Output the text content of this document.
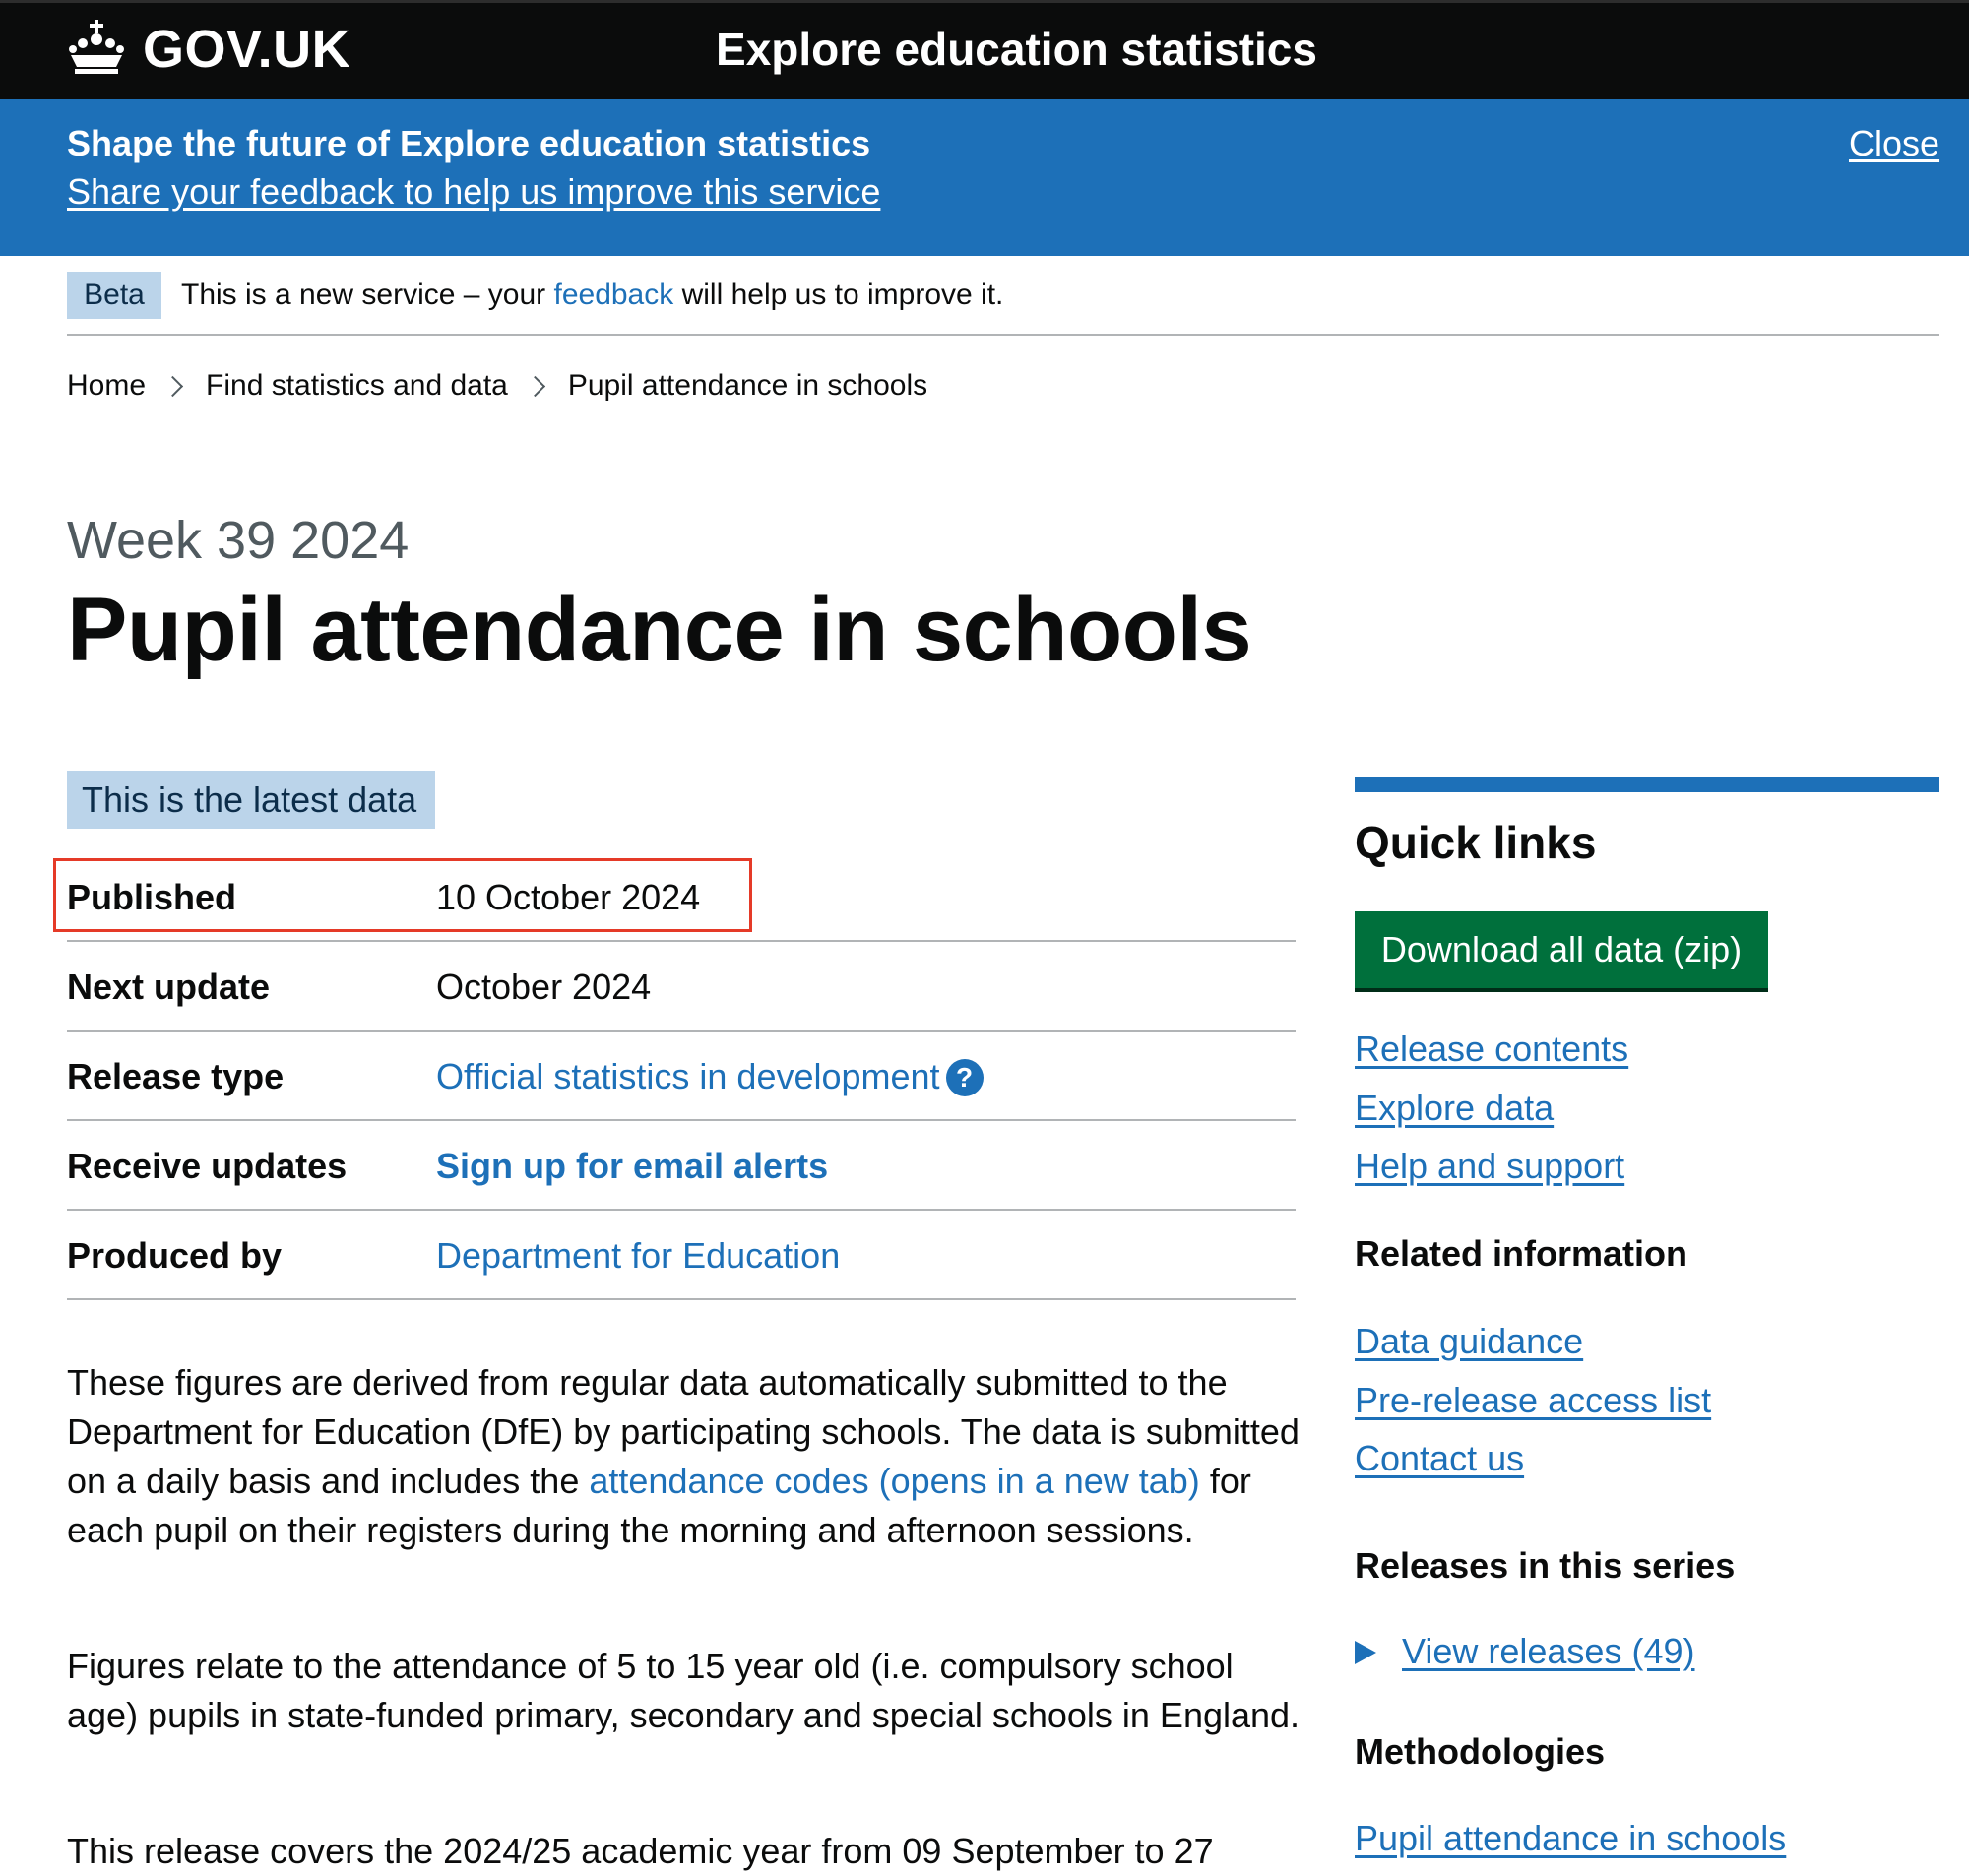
GOV.UK	Explore education statistics
Shape the future of Explore education statistics
Share your feedback to help us improve this service
Close
Beta	This is a new service – your feedback will help us to improve it.
Home Find statistics and data Pupil attendance in schools
Week 39 2024
Pupil attendance in schools
This is the latest data
Published	10 October 2024
Next update	October 2024
Release type	Official statistics in development ?
Receive updates	Sign up for email alerts
Produced by	Department for Education

These figures are derived from regular data automatically submitted to the Department for Education (DfE) by participating schools. The data is submitted on a daily basis and includes the attendance codes (opens in a new tab) for each pupil on their registers during the morning and afternoon sessions.

Figures relate to the attendance of 5 to 15 year old (i.e. compulsory school age) pupils in state-funded primary, secondary and special schools in England.

This release covers the 2024/25 academic year from 09 September to 27

Quick links
Download all data (zip)
Release contents
Explore data
Help and support
Related information
Data guidance
Pre-release access list
Contact us
Releases in this series
View releases (49)
Methodologies
Pupil attendance in schools
